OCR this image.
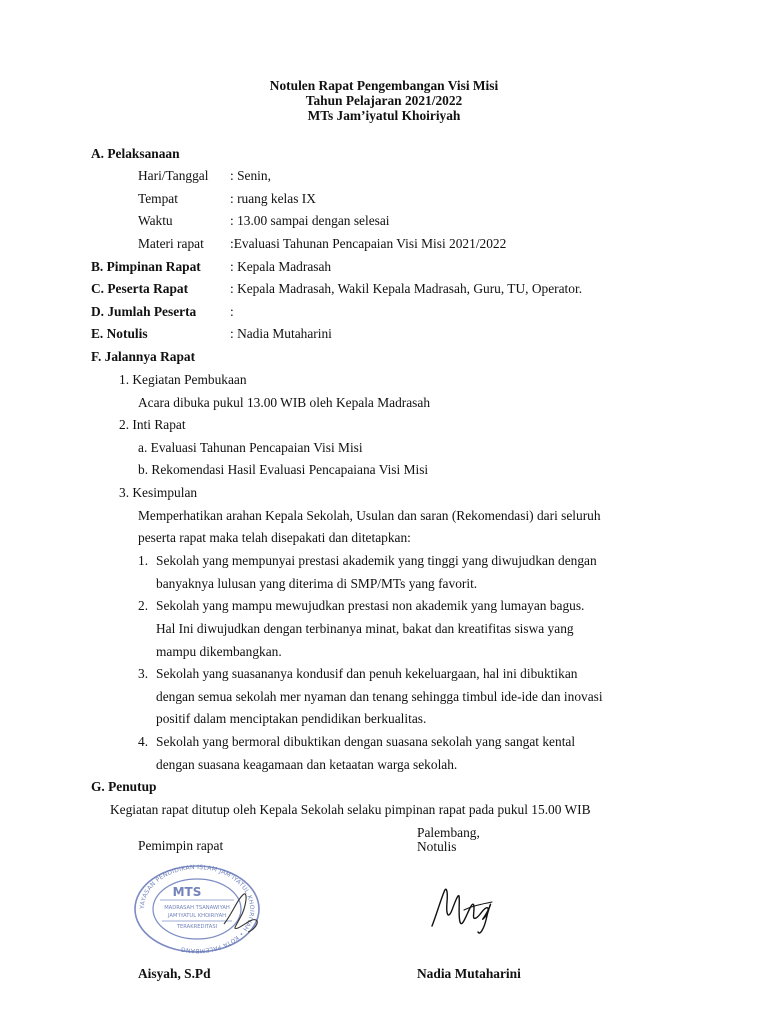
Notulen Rapat Pengembangan Visi Misi
Tahun Pelajaran 2021/2022
MTs Jam’iyatul Khoiriyah
A. Pelaksanaan
Hari/Tanggal : Senin,
Tempat	: ruang kelas IX
Waktu	: 13.00 sampai dengan selesai
Materi rapat :Evaluasi Tahunan Pencapaian Visi Misi 2021/2022
B. Pimpinan Rapat : Kepala Madrasah
C. Peserta Rapat	: Kepala Madrasah, Wakil Kepala Madrasah, Guru, TU, Operator.
D. Jumlah Peserta	:
E. Notulis	: Nadia Mutaharini
F. Jalannya Rapat
1. Kegiatan Pembukaan
Acara dibuka pukul 13.00 WIB oleh Kepala Madrasah
2. Inti Rapat
a. Evaluasi Tahunan Pencapaian Visi Misi
b. Rekomendasi Hasil Evaluasi Pencapaiana Visi Misi
3. Kesimpulan
Memperhatikan arahan Kepala Sekolah, Usulan dan saran (Rekomendasi) dari seluruh
peserta rapat maka telah disepakati dan ditetapkan:
1. Sekolah yang mempunyai prestasi akademik yang tinggi yang diwujudkan dengan
banyaknya lulusan yang diterima di SMP/MTs yang favorit.
2. Sekolah yang mampu mewujudkan prestasi non akademik yang lumayan bagus.
Hal Ini diwujudkan dengan terbinanya minat, bakat dan kreatifitas siswa yang
mampu dikembangkan.
3. Sekolah yang suasananya kondusif dan penuh kekeluargaan, hal ini dibuktikan
dengan semua sekolah mer nyaman dan tenang sehingga timbul ide-ide dan inovasi
positif dalam menciptakan pendidikan berkualitas.
4. Sekolah yang bermoral dibuktikan dengan suasana sekolah yang sangat kental
dengan suasana keagamaan dan ketaatan warga sekolah.
G. Penutup
Kegiatan rapat ditutup oleh Kepala Sekolah selaku pimpinan rapat pada pukul 15.00 WIB
Pemimpin rapat
Palembang,
Notulis
Aisyah, S.Pd	Nadia Mutaharini
YAYASAN PENDIDIKAN ISLAM JAM'IYATUL KHOIRIYAH • KOTA PALEMBANG
MTS
MADRASAH TSANAWIYAH
JAM'IYATUL KHOIRIYAH
TERAKREDITASI
